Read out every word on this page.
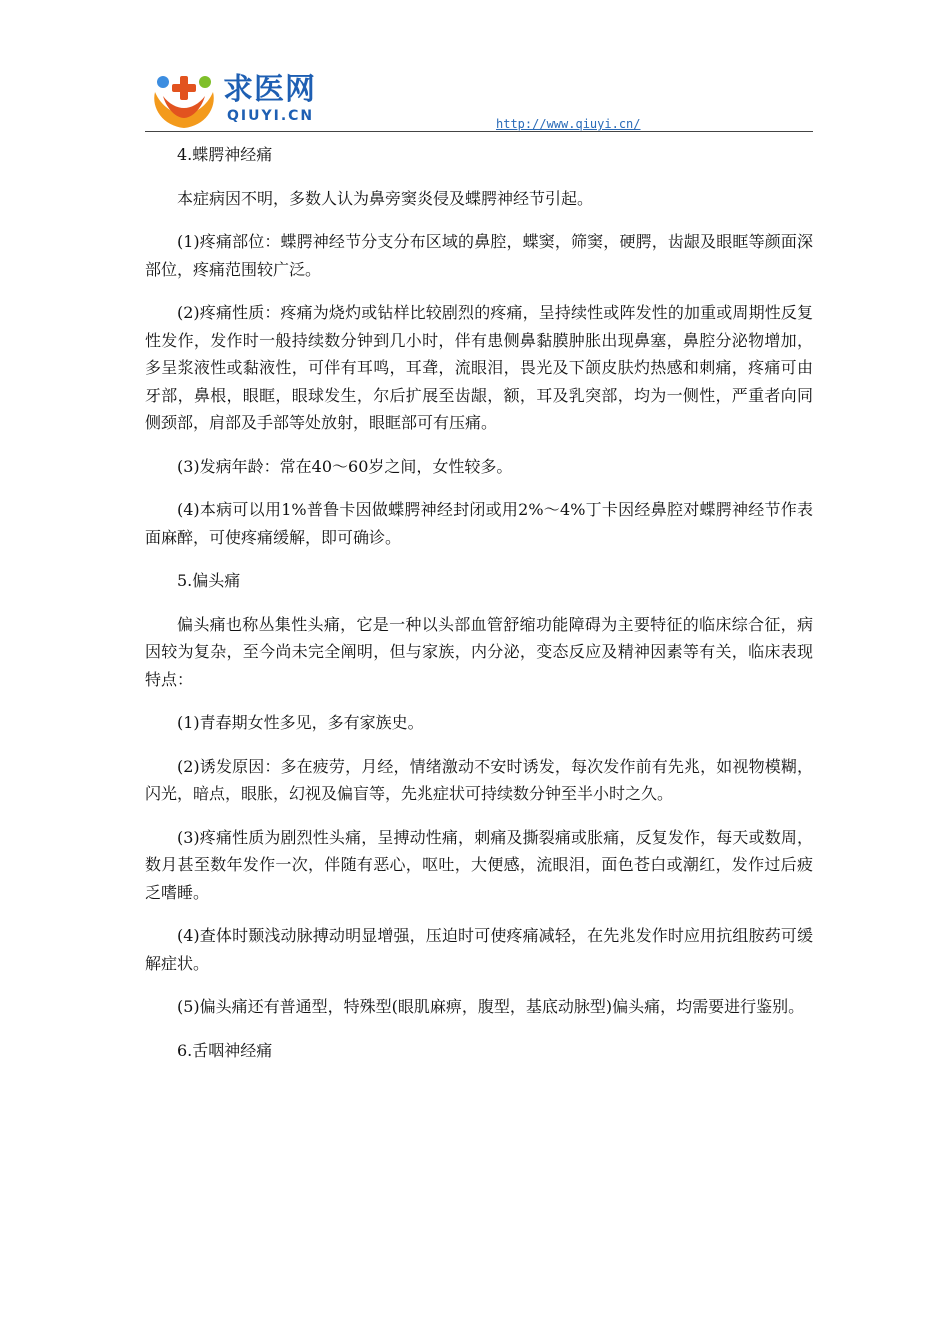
求医网
QIUYI.CN	http://www.qiuyi.cn/

4.蝶腭神经痛

本症病因不明，多数人认为鼻旁窦炎侵及蝶腭神经节引起。

(1)疼痛部位：蝶腭神经节分支分布区域的鼻腔，蝶窦，筛窦，硬腭，齿龈及眼眶等颜面深部位，疼痛范围较广泛。

(2)疼痛性质：疼痛为烧灼或钻样比较剧烈的疼痛，呈持续性或阵发性的加重或周期性反复性发作，发作时一般持续数分钟到几小时，伴有患侧鼻黏膜肿胀出现鼻塞，鼻腔分泌物增加，多呈浆液性或黏液性，可伴有耳鸣，耳聋，流眼泪，畏光及下颌皮肤灼热感和刺痛，疼痛可由牙部，鼻根，眼眶，眼球发生，尔后扩展至齿龈，额，耳及乳突部，均为一侧性，严重者向同侧颈部，肩部及手部等处放射，眼眶部可有压痛。

(3)发病年龄：常在40～60岁之间，女性较多。

(4)本病可以用1%普鲁卡因做蝶腭神经封闭或用2%～4%丁卡因经鼻腔对蝶腭神经节作表面麻醉，可使疼痛缓解，即可确诊。

5.偏头痛

偏头痛也称丛集性头痛，它是一种以头部血管舒缩功能障碍为主要特征的临床综合征，病因较为复杂，至今尚未完全阐明，但与家族，内分泌，变态反应及精神因素等有关，临床表现特点：

(1)青春期女性多见，多有家族史。

(2)诱发原因：多在疲劳，月经，情绪激动不安时诱发，每次发作前有先兆，如视物模糊，闪光，暗点，眼胀，幻视及偏盲等，先兆症状可持续数分钟至半小时之久。

(3)疼痛性质为剧烈性头痛，呈搏动性痛，刺痛及撕裂痛或胀痛，反复发作，每天或数周，数月甚至数年发作一次，伴随有恶心，呕吐，大便感，流眼泪，面色苍白或潮红，发作过后疲乏嗜睡。

(4)查体时颞浅动脉搏动明显增强，压迫时可使疼痛减轻，在先兆发作时应用抗组胺药可缓解症状。

(5)偏头痛还有普通型，特殊型(眼肌麻痹，腹型，基底动脉型)偏头痛，均需要进行鉴别。

6.舌咽神经痛
